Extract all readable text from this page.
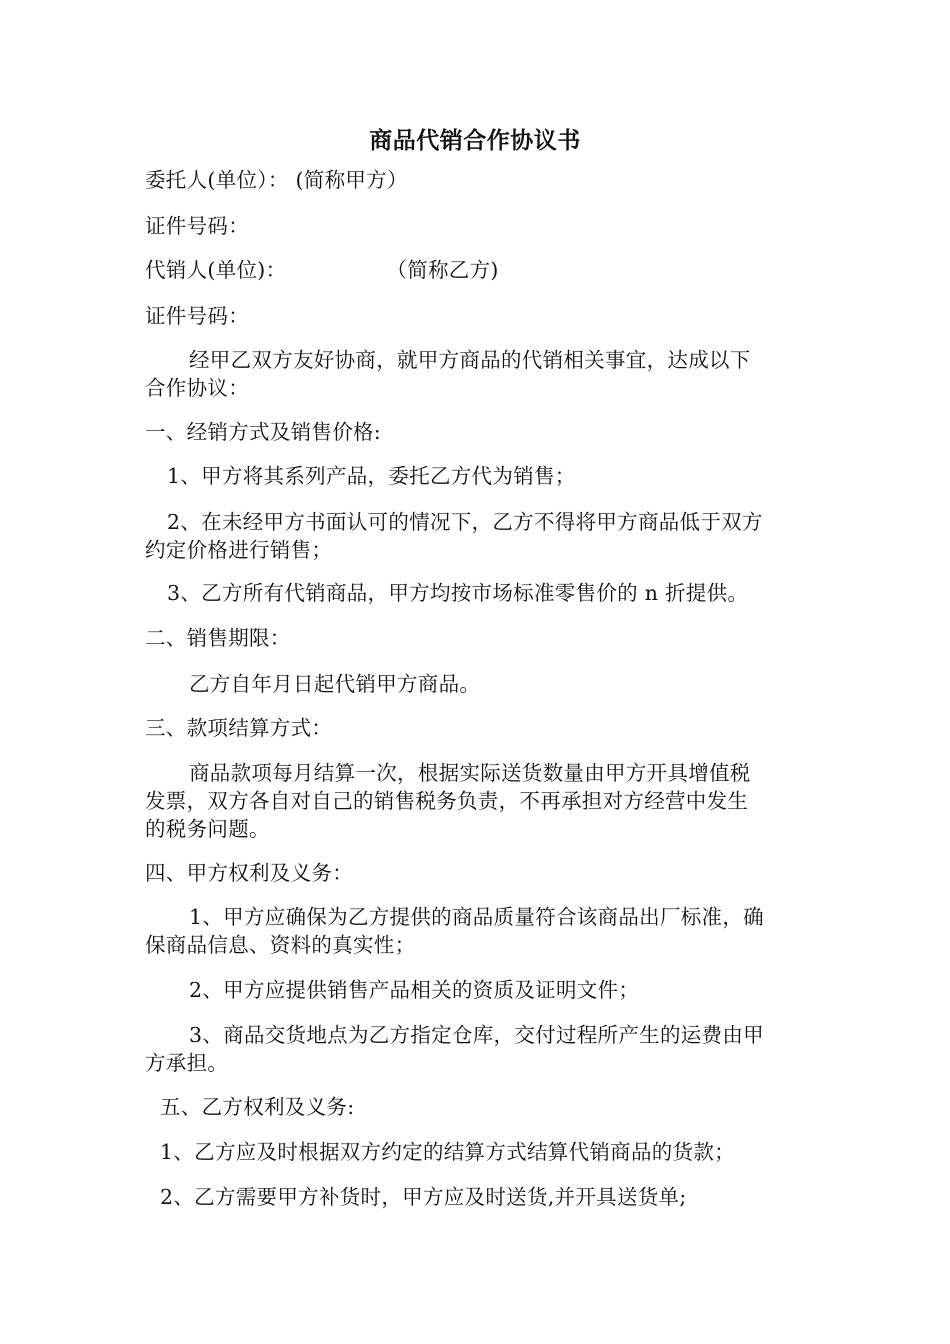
商品代销合作协议书
委托人(单位）： (简称甲方）
证件号码：
代销人(单位)：	（简称乙方)
证件号码：
经甲乙双方友好协商，就甲方商品的代销相关事宜，达成以下
合作协议：
一、经销方式及销售价格:
1、甲方将其系列产品，委托乙方代为销售；
2、在未经甲方书面认可的情况下，乙方不得将甲方商品低于双方
约定价格进行销售；
3、乙方所有代销商品，甲方均按市场标准零售价的 n 折提供。
二、销售期限：
乙方自年月日起代销甲方商品。
三、款项结算方式：
商品款项每月结算一次，根据实际送货数量由甲方开具增值税
发票，双方各自对自己的销售税务负责，不再承担对方经营中发生
的税务问题。
四、甲方权利及义务：
1、甲方应确保为乙方提供的商品质量符合该商品出厂标准，确
保商品信息、资料的真实性；
2、甲方应提供销售产品相关的资质及证明文件；
3、商品交货地点为乙方指定仓库，交付过程所产生的运费由甲
方承担。
五、乙方权利及义务:
1、乙方应及时根据双方约定的结算方式结算代销商品的货款；
2、乙方需要甲方补货时，甲方应及时送货,并开具送货单;
